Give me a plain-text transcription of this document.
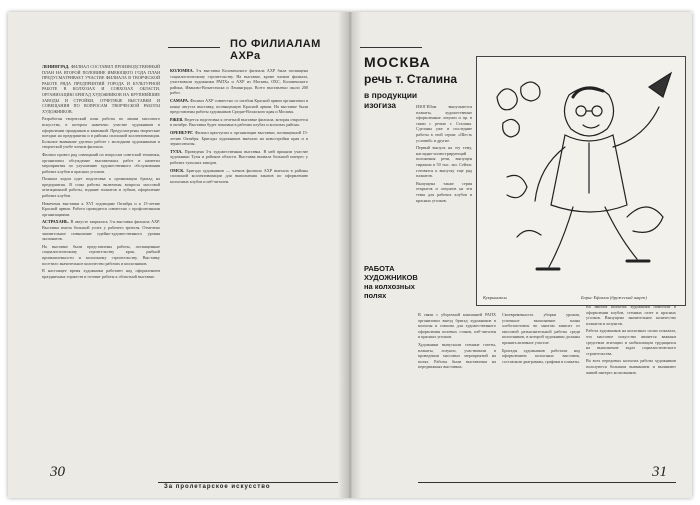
ЛЕНИНГРАД. ФИЛИАЛ СОСТАВИЛ ПРОИЗВОДСТВЕННЫЙ ПЛАН НА ВТОРОЙ ПОЛОВИНЕ ИМЕЮЩЕГО ГОДА ПЛАН ПРЕДУСМАТРИВАЕТ УЧАСТИЕ ФИЛИАЛА В ТВОРЧЕСКОЙ РАБОТЕ РЯДА ПРЕДПРИЯТИЙ ГОРОДА И КУЛЬТУРНОЙ РАБОТЕ В КОЛХОЗАХ И СОВХОЗАХ ОБЛАСТИ, ОРГАНИЗАЦИЮ БРИГАД ХУДОЖНИКОВ НА КРУПНЕЙШИЕ ЗАВОДЫ И СТРОЙКИ, ОТЧЕТНЫЕ ВЫСТАВКИ И СОВЕЩАНИЯ ПО ВОПРОСАМ ТВОРЧЕСКОЙ РАБОТЫ ХУДОЖНИКОВ.

Разработан творческий план работы по линии массового искусства, в котором намечено участие художников в оформлении праздников и кампаний. Предусмотрены творческие поездки на предприятия и в районы сплошной коллективизации. Большое внимание уделено работе с молодыми художниками и творческой учебе членов филиала.

Филиал провел ряд совещаний по вопросам советской тематики, организовал обсуждение выставочных работ и наметил мероприятия по улучшению художественного обслуживания рабочих клубов и красных уголков.

Полным ходом идет подготовка к организации бригад на предприятия. В план работы включены вопросы массовой агитационной работы, издание плакатов и лубков, оформление рабочих клубов.

Намечены выставки к XVI годовщине Октября и к 15-летию Красной армии. Работа проводится совместно с профсоюзными организациями.

АСТРАХАНЬ. В августе закрылась 3-я выставка филиала АХР. Выставка имела большой успех у рабочего зрителя. Отмечено значительное повышение идейно-художественного уровня экспонатов.

На выставке были представлены работы, посвященные социалистическому строительству края, рыбной промышленности и колхозному строительству. Выставку посетило значительное количество рабочих и колхозников.

В настоящее время художники работают над оформлением праздничных торжеств и готовят работы к областной выставке.

КОЛОМНА. 3-я выставка Коломенского филиала АХР была посвящена социалистическому строительству. На выставке, кроме членов филиала, участвовали художники РАПХа и АХР из Москвы, ОХС, Коломенского района, Иваново-Вознесенска и Ленинграда. Всего выставлено около 200 работ.

САМАРА. Филиал АХР совместно со штабом Красной армии организовал в конце августа выставку, посвященную Красной армии. На выставке были представлены работы художников Средне-Волжского края и Москвы.

РЖЕВ. Ведется подготовка к отчетной выставке филиала, которая откроется в октябре. Выставка будет показана в рабочих клубах и колхозах района.

ОРЕНБУРГ. Филиал приступил к организации выставки, посвященной 15-летию Октября. Бригады художников выехали на новостройки края и в зерносовхозы.

ТУЛА. Проведена 3-я художественная выставка. В ней приняли участие художники Тулы и районов области. Выставка вызвала большой интерес у рабочих тульских заводов.

ОМСК. Бригада художников — членов филиала АХР выехала в районы сплошной коллективизации для выполнения заказов по оформлению колхозных клубов и изб-читален.

ПО ФИЛИАЛАМ АХРа
30
За пролетарское искусство
МОСКВА
речь т. Сталина
в продукции
изогиза	ИЗОГИЗом выпускаются плакаты, художественно оформленные лозунги и пр. в связи с речью т. Сталина. Сделаны уже и последние работы в этой серии: «Шесть условий» и другие.

Первый выпуск на эту тему, наглядно-иллюстрирующий положения речи, выпущен тиражом в 50 тыс. экз. Сейчас готовятся к выпуску еще ряд плакатов.

Выпущена также серия открыток и лозунгов на эти темы для рабочих клубов и красных уголков.

Кукрыниксы	Борис Ефимов (дружеский шарж)
РАБОТА
ХУДОЖНИКОВ
на колхозных
полях

В связи с уборочной кампанией РАПХ организовал выезд бригад художников в колхозы и совхозы для художественного оформления полевых станов, изб-читален и красных уголков.

Художники выпускали стенные газеты, плакаты, лозунги, участвовали в проведении массовых мероприятий на полях. Работы были выставлены на передвижных выставках.

Своевременность уборки урожая, успешное выполнение плана хлебозаготовок во многом зависит от массовой разъяснительной работы среди колхозников, в которой художники должны принять активное участие.

Бригады художников работали над оформлением колхозных выставок, составляли диаграммы, графики и плакаты.

Во многих колхозах художники помогали в оформлении клубов, стенных газет и красных уголков. Выпущено значительное количество плакатов и лозунгов.

Работа художников на колхозных полях показала, что массовое искусство является важным средством агитации и мобилизации трудящихся на выполнение задач социалистического строительства.

Во всех передовых колхозах работы художников пользуются большим вниманием и вызывают живой интерес колхозников.

31
